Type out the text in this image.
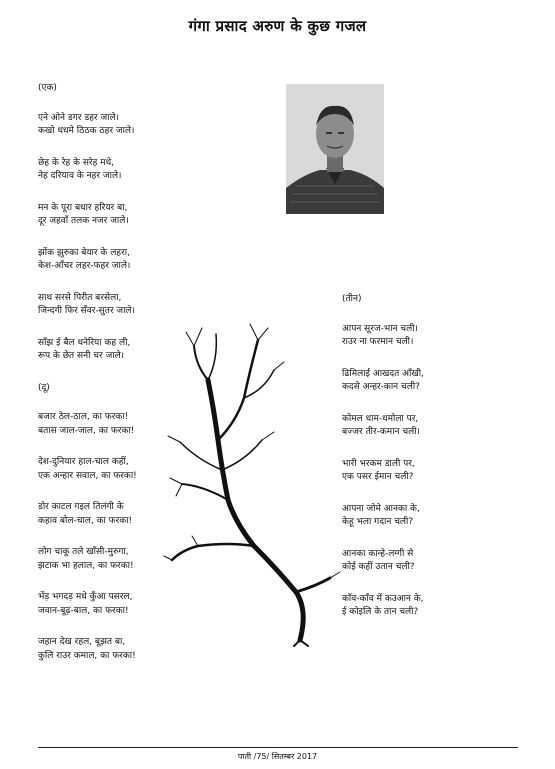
गंगा प्रसाद अरुण के कुछ गजल
(एक)
एने ओने डगर डहर जाले।
कखो धधमे ठिठक ठहर जाले।
छेह के रेह के सरेह मधे,
नेह दरियाव के नहर जाले।
मन के पूरा बधार हरियर बा,
दूर जहवाँ तलक नजर जाले।
झोंक झुरुका बेयार के लहरा,
केश-आँचर लहर-फहर जाले।
साथ सरसे पिरीत बरसेला,
जिन्दगी फिर सँवर-सुतर जाले।
साँझ ई बैल धनेरिया कह ली,
रूप के छेत सनी चर जाले।
(दू)
बजार ठेल-ठाल, का फरका!
बतास जाल-जाल, का फरका!
देश-दुनियार हाल-चाल कहीं,
एक अन्हार सवाल, का फरका!
डोर काटल गइल तिलंगी के
कहाव बोल-चाल, का फरका!
लोग चाकू तले खाँसी-मुरुगा,
झटाक भा हलाल, का फरका!
भेंड़ भगदड़ मधे कुँआ पसरल,
जवान-बूढ़-बाल, का फरका!
जहान देख रहल, बूझत बा,
कुलि राउर कमाल, का फरका!
(तीन)
आपन सूरज-भान चली।
राउर ना फरमान चली।
ढिमिलाई आखदत आँखी,
कदसे अन्हर-कान चली?
कोमल धाम-धमोला पर,
बज्जर तीर-कमान चली।
भारी भरकम डाली पर,
एक पसर ईमान चली?
आपना जोमे आनका के,
केहू भला गदान चली?
आनका कान्हे-लग्गी से
कोई कहीं उतान चली?
काँव-काँव में कउआन के,
ई कोइलि के तान चली?
पाती /75/ सितम्बर 2017
